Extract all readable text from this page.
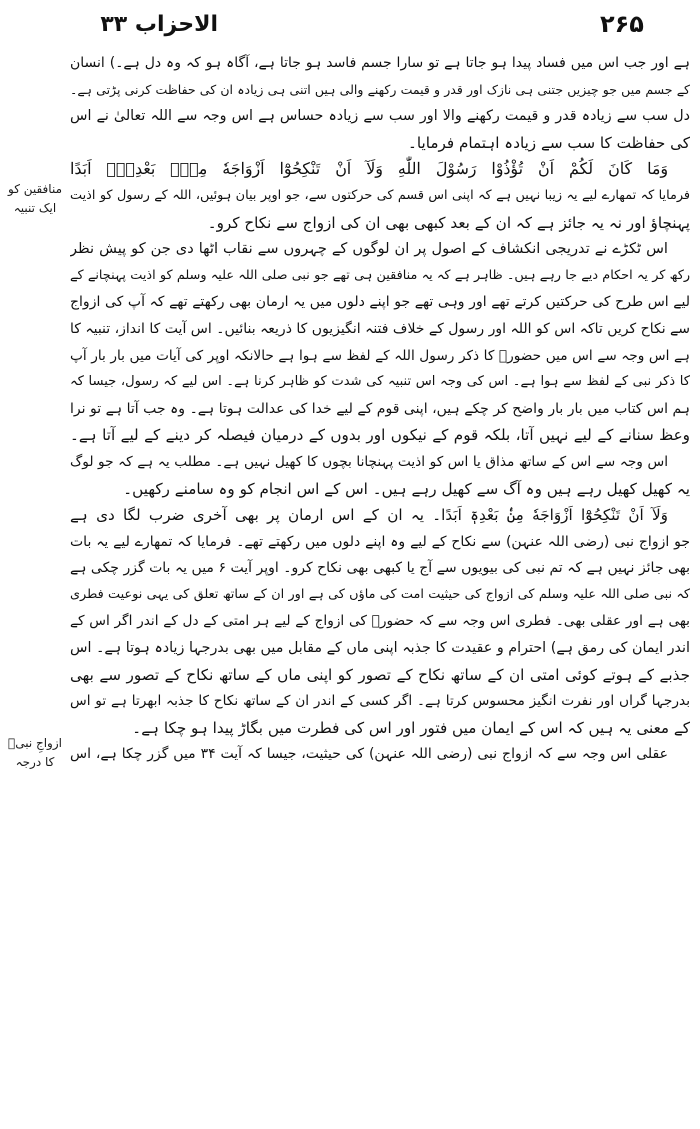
۲۶۵
الاحزاب ۳۳
منافقین کو
ایک تنبیہ
ازواجِ نبیؐ
کا درجہ
ہے اور جب اس میں فساد پیدا ہو جاتا ہے تو سارا جسم فاسد ہو جاتا ہے، آگاہ ہو کہ وہ دل ہے۔) انسان
کے جسم میں جو چیزیں جتنی ہی نازک اور قدر و قیمت رکھنے والی ہیں اتنی ہی زیادہ ان کی حفاظت کرنی پڑتی ہے۔
دل سب سے زیادہ قدر و قیمت رکھنے والا اور سب سے زیادہ حساس ہے اس وجہ سے اللہ تعالیٰ نے اس
کی حفاظت کا سب سے زیادہ اہتمام فرمایا۔
وَمَا كَانَ لَكُمْ اَنْ تُؤْذُوْا رَسُوْلَ اللّٰهِ وَلَآ اَنْ تَنْكِحُوْٓا اَزْوَاجَهٗ مِنْۢ بَعْدِهٖٓ اَبَدًا
فرمایا کہ تمھارے لیے یہ زیبا نہیں ہے کہ اپنی اس قسم کی حرکتوں سے، جو اوپر بیان ہوئیں، اللہ کے رسول کو اذیت
پہنچاؤ اور نہ یہ جائز ہے کہ ان کے بعد کبھی بھی ان کی ازواج سے نکاح کرو۔
اس ٹکڑے نے تدریجی انکشاف کے اصول پر ان لوگوں کے چہروں سے نقاب اٹھا دی جن کو پیش نظر
رکھ کر یہ احکام دیے جا رہے ہیں۔ ظاہر ہے کہ یہ منافقین ہی تھے جو نبی صلی اللہ علیہ وسلم کو اذیت پہنچانے کے
لیے اس طرح کی حرکتیں کرتے تھے اور وہی تھے جو اپنے دلوں میں یہ ارمان بھی رکھتے تھے کہ آپ کی ازواج
سے نکاح کریں تاکہ اس کو اللہ اور رسول کے خلاف فتنہ انگیزیوں کا ذریعہ بنائیں۔ اس آیت کا انداز، تنبیہ کا
ہے اس وجہ سے اس میں حضورؐ کا ذکر رسول اللہ کے لفظ سے ہوا ہے حالانکہ اوپر کی آیات میں بار بار آپ
کا ذکر نبی کے لفظ سے ہوا ہے۔ اس کی وجہ اس تنبیہ کی شدت کو ظاہر کرنا ہے۔ اس لیے کہ رسول، جیسا کہ
ہم اس کتاب میں بار بار واضح کر چکے ہیں، اپنی قوم کے لیے خدا کی عدالت ہوتا ہے۔ وہ جب آتا ہے تو نرا
وعظ سنانے کے لیے نہیں آتا، بلکہ قوم کے نیکوں اور بدوں کے درمیان فیصلہ کر دینے کے لیے آتا ہے۔
اس وجہ سے اس کے ساتھ مذاق یا اس کو اذیت پہنچانا بچوں کا کھیل نہیں ہے۔ مطلب یہ ہے کہ جو لوگ
یہ کھیل کھیل رہے ہیں وہ آگ سے کھیل رہے ہیں۔ اس کے اس انجام کو وہ سامنے رکھیں۔
وَلَآ اَنْ تَنْكِحُوْٓا اَزْوَاجَهٗ مِنْۢ بَعْدِهٖٓ اَبَدًا۔ یہ ان کے اس ارمان پر بھی آخری ضرب لگا دی ہے
جو ازواج نبی (رضی اللہ عنہن) سے نکاح کے لیے وہ اپنے دلوں میں رکھتے تھے۔ فرمایا کہ تمھارے لیے یہ بات
بھی جائز نہیں ہے کہ تم نبی کی بیویوں سے آج یا کبھی بھی نکاح کرو۔ اوپر آیت ۶ میں یہ بات گزر چکی ہے
کہ نبی صلی اللہ علیہ وسلم کی ازواج کی حیثیت امت کی ماؤں کی ہے اور ان کے ساتھ تعلق کی یہی نوعیت فطری
بھی ہے اور عقلی بھی۔ فطری اس وجہ سے کہ حضورؐ کی ازواج کے لیے ہر امتی کے دل کے اندر اگر اس کے
اندر ایمان کی رمق ہے) احترام و عقیدت کا جذبہ اپنی ماں کے مقابل میں بھی بدرجہا زیادہ ہوتا ہے۔ اس
جذبے کے ہوتے کوئی امتی ان کے ساتھ نکاح کے تصور کو اپنی ماں کے ساتھ نکاح کے تصور سے بھی
بدرجہا گراں اور نفرت انگیز محسوس کرتا ہے۔ اگر کسی کے اندر ان کے ساتھ نکاح کا جذبہ ابھرتا ہے تو اس
کے معنی یہ ہیں کہ اس کے ایمان میں فتور اور اس کی فطرت میں بگاڑ پیدا ہو چکا ہے۔
عقلی اس وجہ سے کہ ازواج نبی (رضی اللہ عنہن) کی حیثیت، جیسا کہ آیت ۳۴ میں گزر چکا ہے، اس
